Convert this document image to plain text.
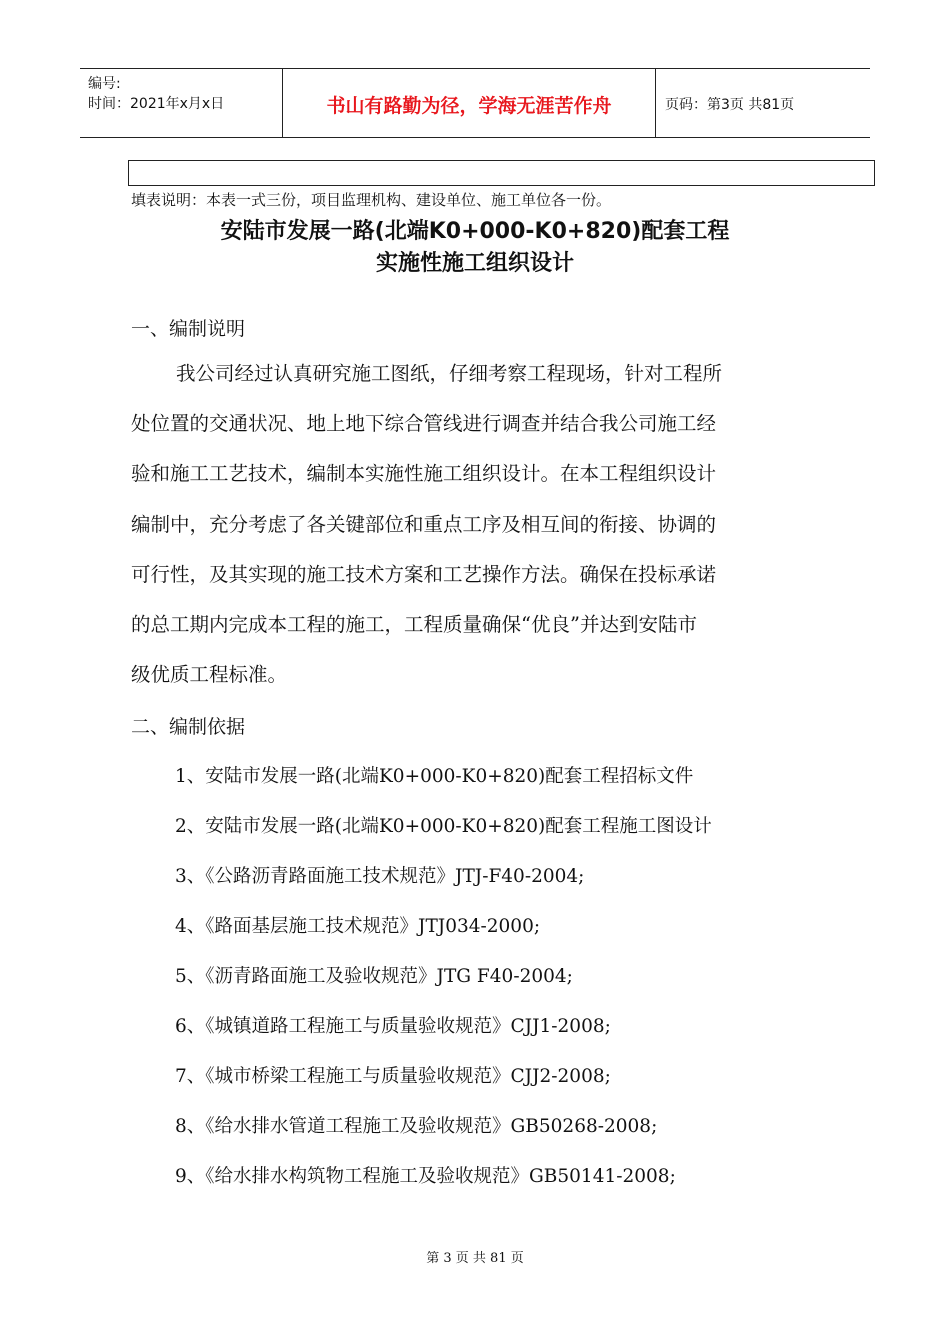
编号:
时间：2021年x月x日	书山有路勤为径，学海无涯苦作舟	页码：第3页 共81页
填表说明：本表一式三份，项目监理机构、建设单位、施工单位各一份。
安陆市发展一路(北端K0+000-K0+820)配套工程
实施性施工组织设计
一、编制说明

我公司经过认真研究施工图纸，仔细考察工程现场，针对工程所

处位置的交通状况、地上地下综合管线进行调查并结合我公司施工经

验和施工工艺技术，编制本实施性施工组织设计。在本工程组织设计

编制中，充分考虑了各关键部位和重点工序及相互间的衔接、协调的

可行性，及其实现的施工技术方案和工艺操作方法。确保在投标承诺

的总工期内完成本工程的施工，工程质量确保“优良”并达到安陆市

级优质工程标准。

二、编制依据
1、安陆市发展一路(北端K0+000-K0+820)配套工程招标文件
2、安陆市发展一路(北端K0+000-K0+820)配套工程施工图设计
3、《公路沥青路面施工技术规范》JTJ-F40-2004;
4、《路面基层施工技术规范》JTJ034-2000;
5、《沥青路面施工及验收规范》JTG F40-2004;
6、《城镇道路工程施工与质量验收规范》CJJ1-2008;
7、《城市桥梁工程施工与质量验收规范》CJJ2-2008;
8、《给水排水管道工程施工及验收规范》GB50268-2008;
9、《给水排水构筑物工程施工及验收规范》GB50141-2008;
第 3 页 共 81 页
